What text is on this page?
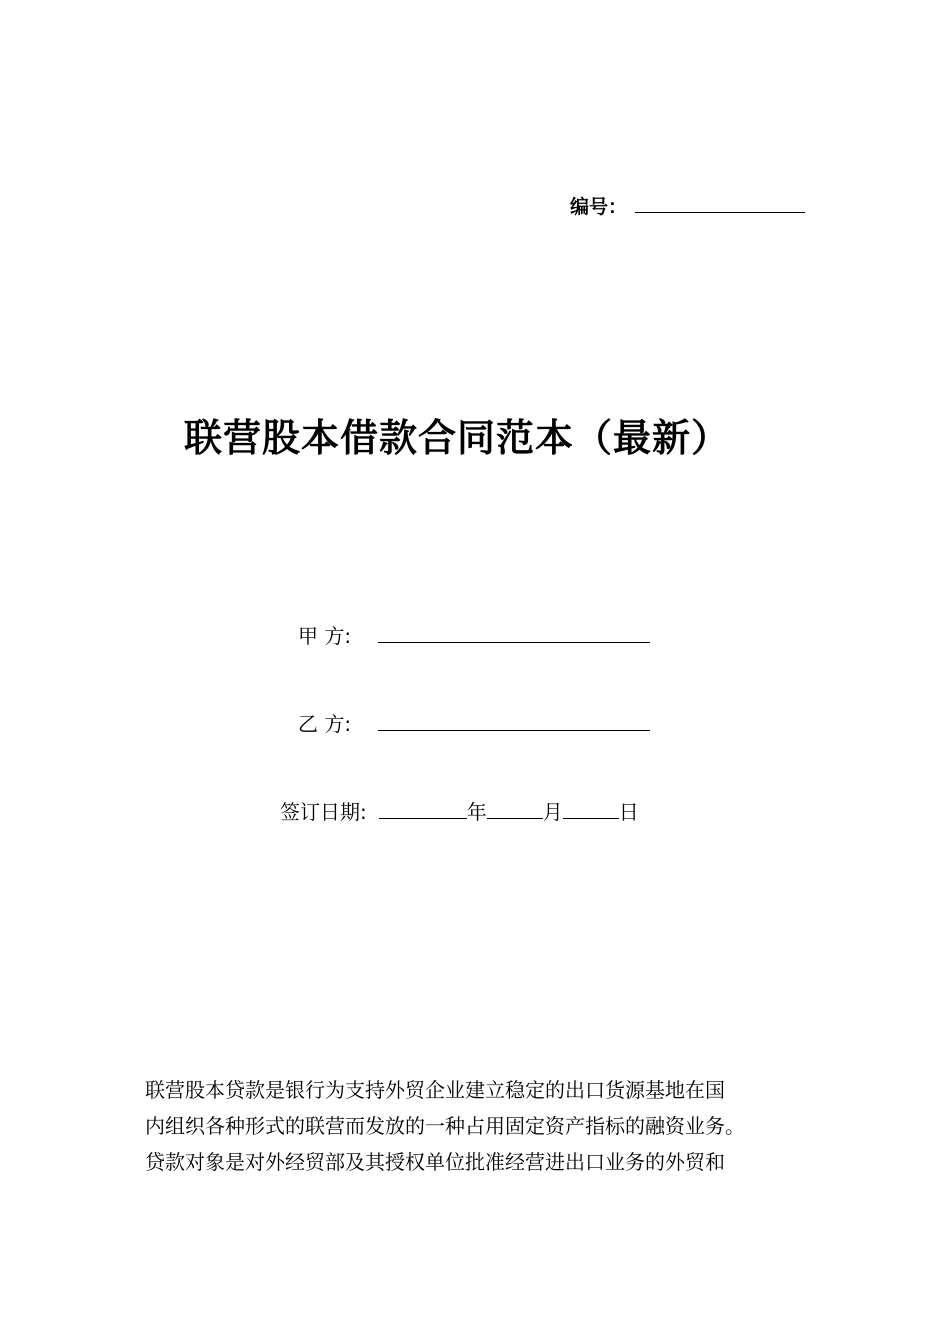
编号：
联营股本借款合同范本（最新）
甲 方:
乙 方:
签订日期:	年	月	日

联营股本贷款是银行为支持外贸企业建立稳定的出口货源基地在国

内组织各种形式的联营而发放的一种占用固定资产指标的融资业务。

贷款对象是对外经贸部及其授权单位批准经营进出口业务的外贸和
